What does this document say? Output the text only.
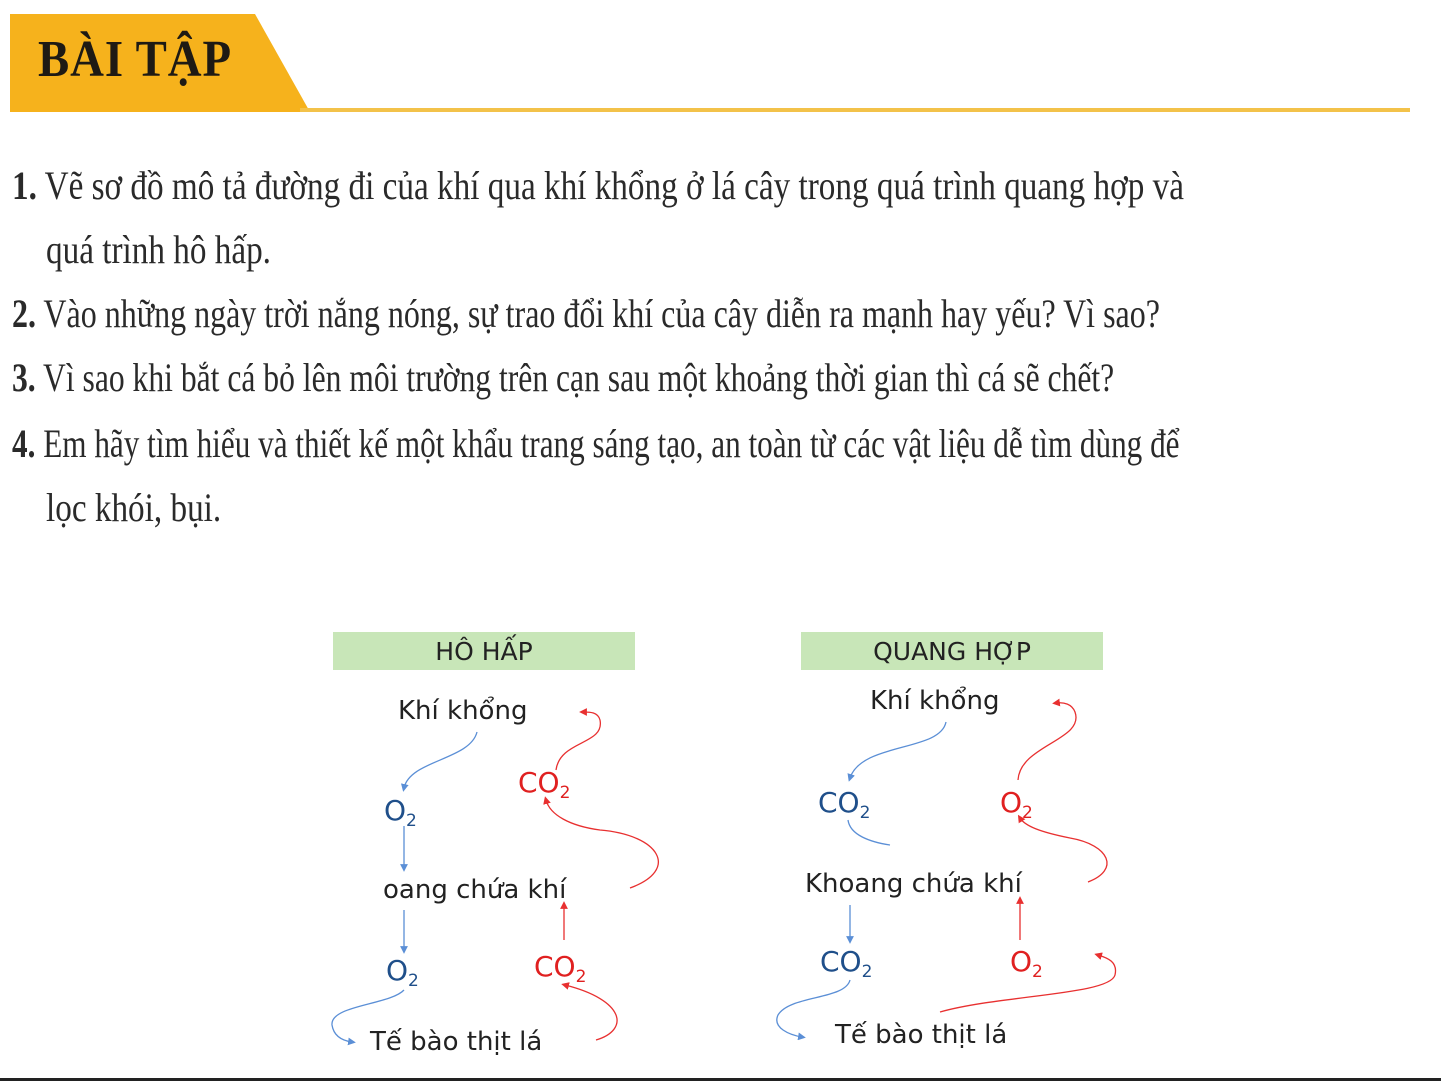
BÀI TẬP
1. Vẽ sơ đồ mô tả đường đi của khí qua khí khổng ở lá cây trong quá trình quang hợp và
quá trình hô hấp.
2. Vào những ngày trời nắng nóng, sự trao đổi khí của cây diễn ra mạnh hay yếu? Vì sao?
3. Vì sao khi bắt cá bỏ lên môi trường trên cạn sau một khoảng thời gian thì cá sẽ chết?
4. Em hãy tìm hiểu và thiết kế một khẩu trang sáng tạo, an toàn từ các vật liệu dễ tìm dùng để
lọc khói, bụi.
HÔ HẤP
Khí khổng
$CO_2$
$O_2$
oang chứa khí
$O_2$	$CO_2$
Tế bào thịt lá
QUANG HỢP
Khí khổng
$CO_2$	$O_2$
Khoang chứa khí
$CO_2$	$O_2$
Tế bào thịt lá
